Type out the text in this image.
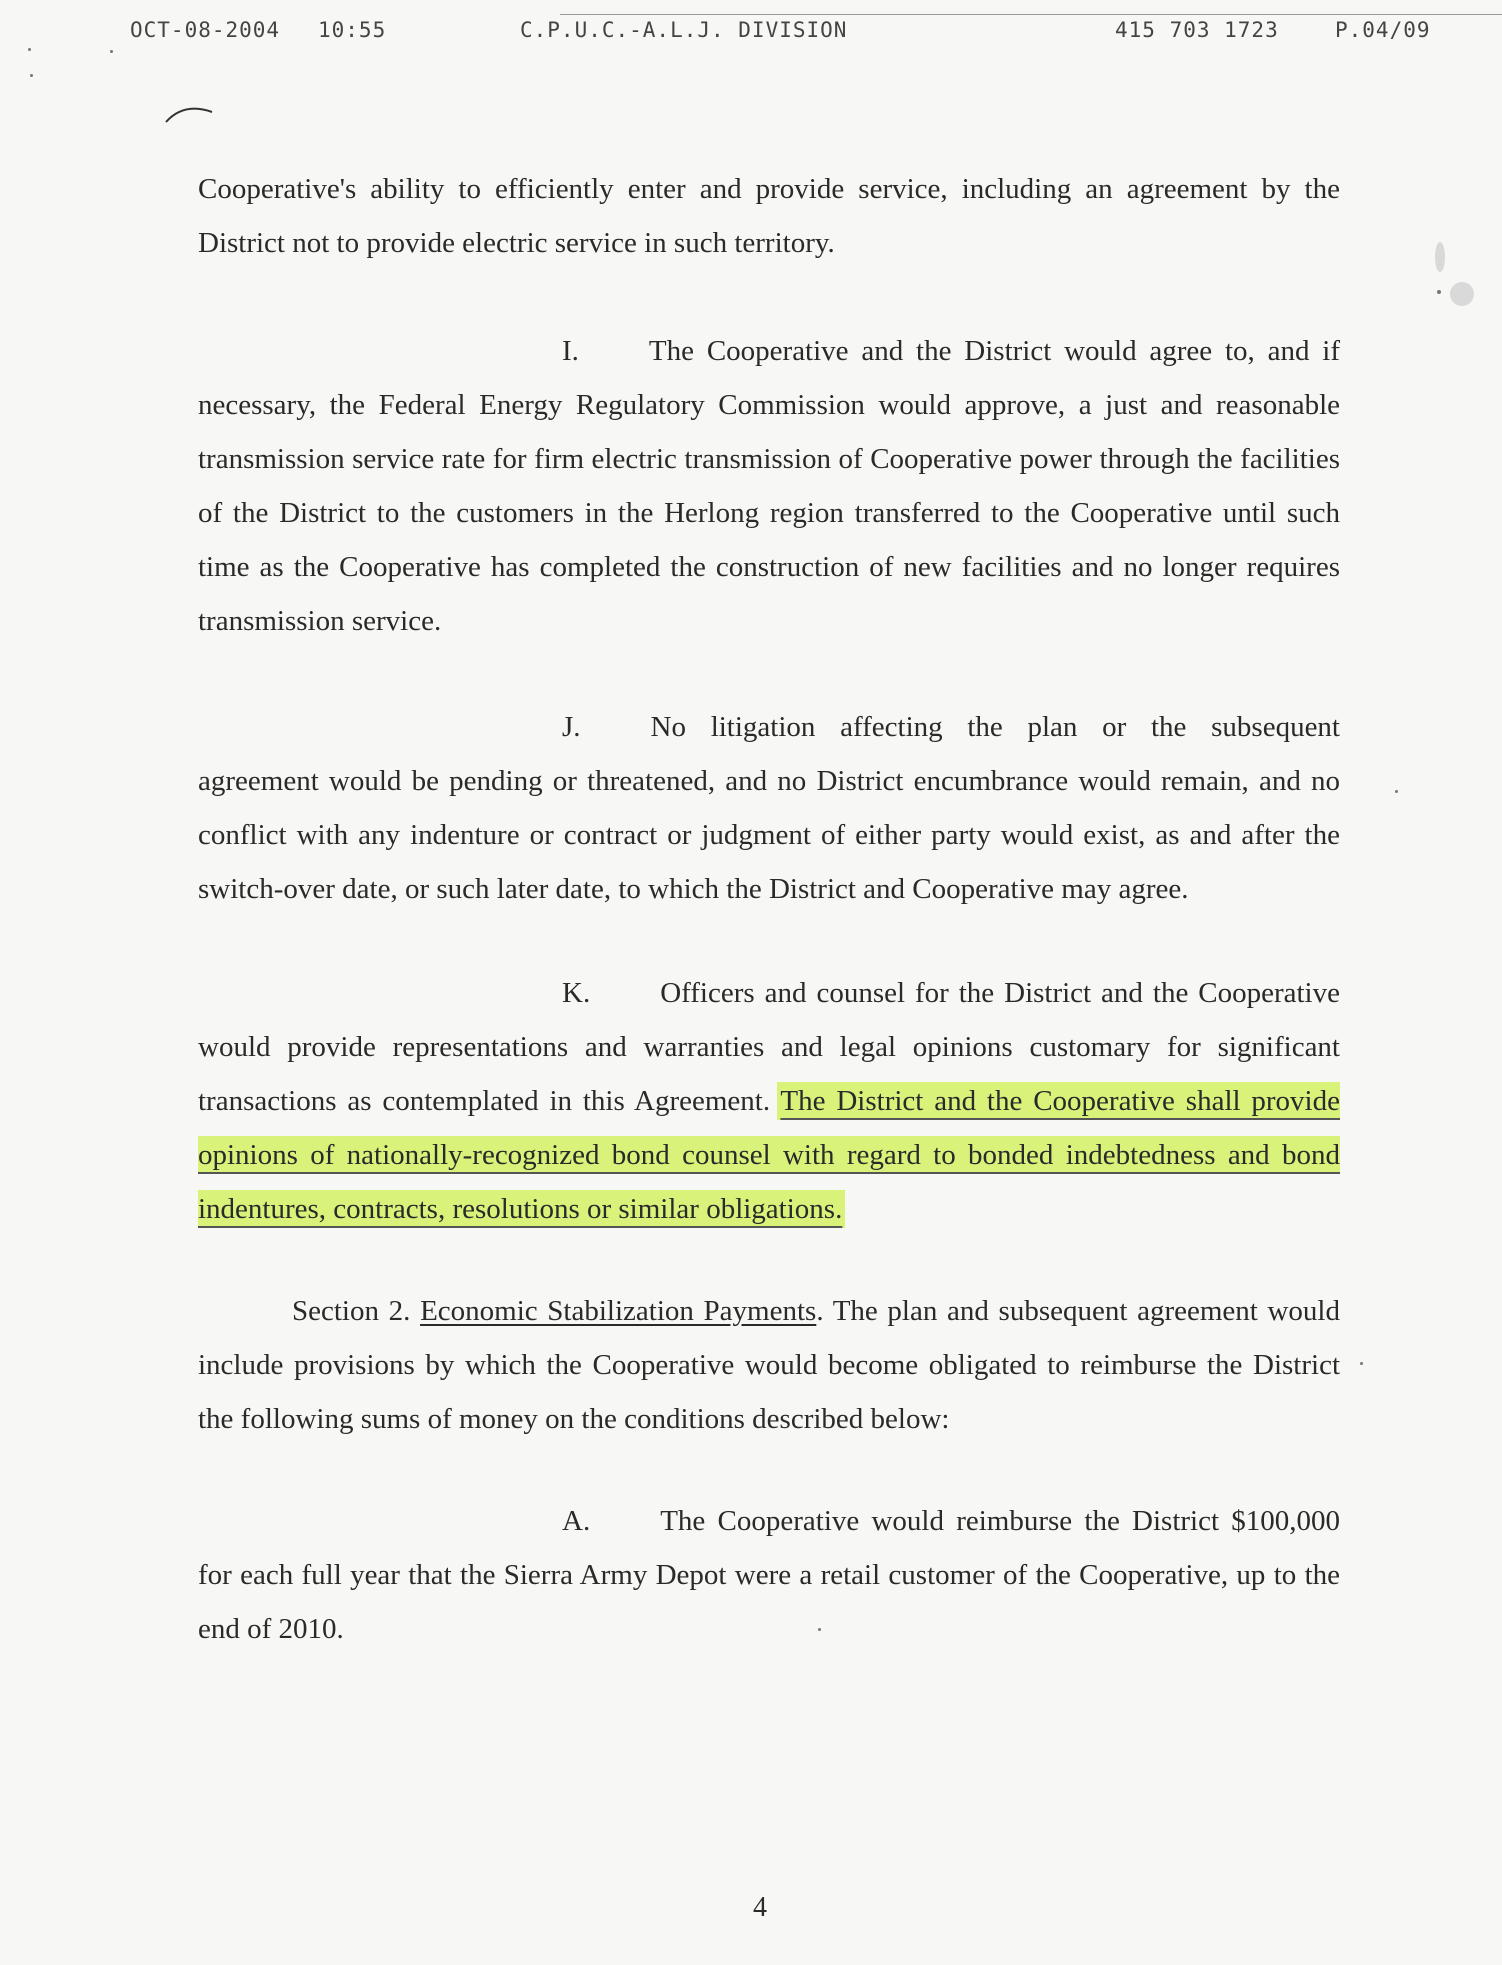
OCT-08-2004 10:55	C.P.U.C.-A.L.J. DIVISION	415 703 1723	P.04/09

Cooperative's ability to efficiently enter and provide service, including an agreement by the District not to provide electric service in such territory.

I. The Cooperative and the District would agree to, and if necessary, the Federal Energy Regulatory Commission would approve, a just and reasonable transmission service rate for firm electric transmission of Cooperative power through the facilities of the District to the customers in the Herlong region transferred to the Cooperative until such time as the Cooperative has completed the construction of new facilities and no longer requires transmission service.

J. No litigation affecting the plan or the subsequent agreement would be pending or threatened, and no District encumbrance would remain, and no conflict with any indenture or contract or judgment of either party would exist, as and after the switch-over date, or such later date, to which the District and Cooperative may agree.

K. Officers and counsel for the District and the Cooperative would provide representations and warranties and legal opinions customary for significant transactions as contemplated in this Agreement. The District and the Cooperative shall provide opinions of nationally-recognized bond counsel with regard to bonded indebtedness and bond indentures, contracts, resolutions or similar obligations.

Section 2. Economic Stabilization Payments. The plan and subsequent agreement would include provisions by which the Cooperative would become obligated to reimburse the District the following sums of money on the conditions described below:

A. The Cooperative would reimburse the District $100,000 for each full year that the Sierra Army Depot were a retail customer of the Cooperative, up to the end of 2010.

4
